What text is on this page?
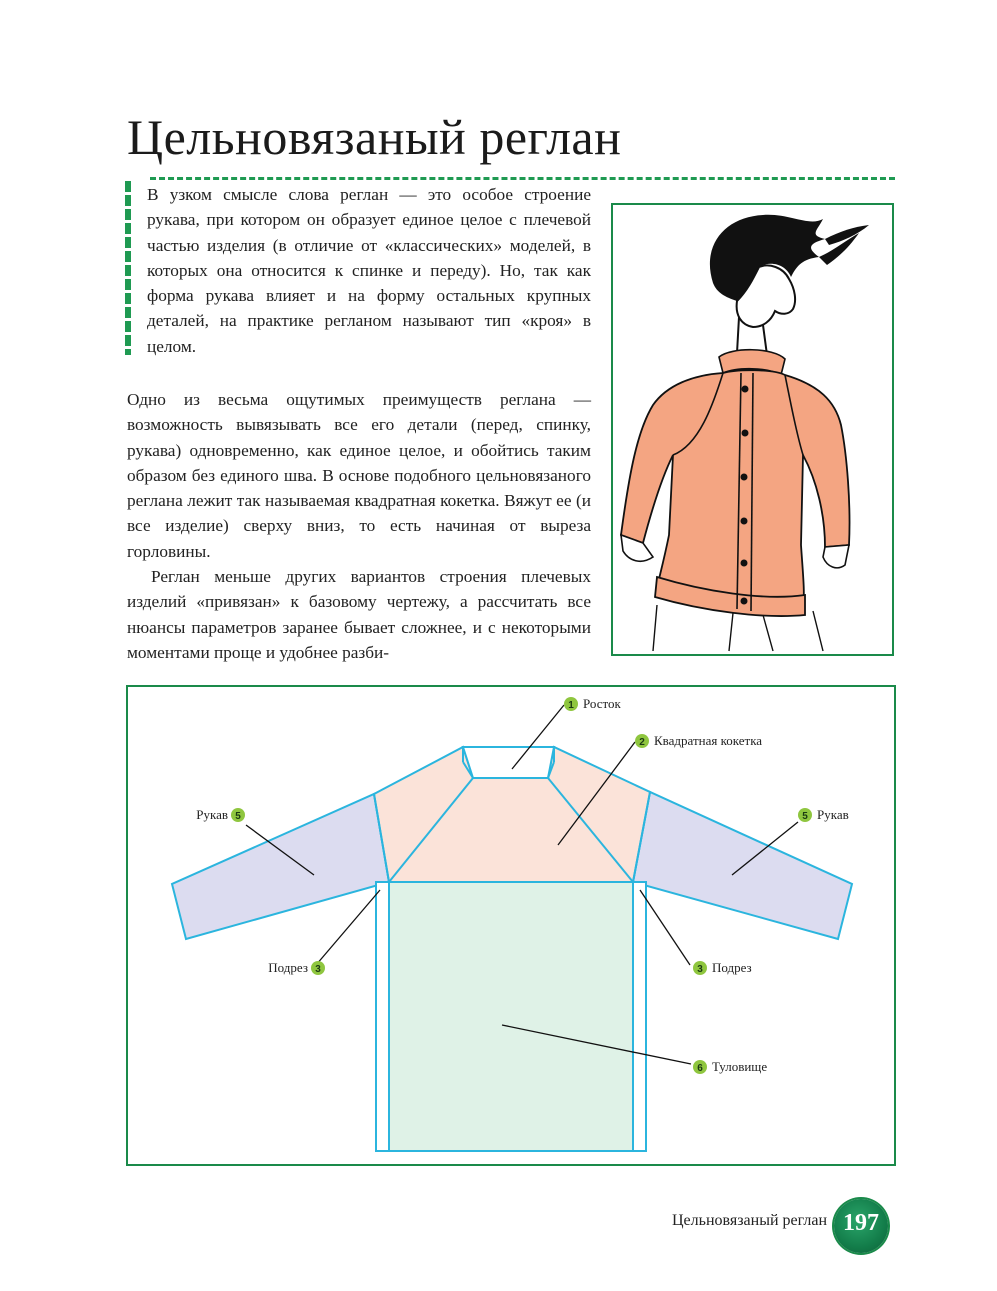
Цельновязаный реглан
В узком смысле слова реглан — это особое строение рукава, при котором он образует единое целое с плечевой частью изделия (в отличие от «классических» моделей, в которых она относится к спинке и переду). Но, так как форма рукава влияет и на форму остальных крупных деталей, на практике регланом называют тип «кроя» в целом.

Одно из весьма ощутимых преимуществ реглана — возможность вывязывать все его детали (перед, спинку, рукава) одновременно, как единое целое, и обойтись таким образом без единого шва. В основе подобного цельновязаного реглана лежит так называемая квадратная кокетка. Вяжут ее (и все изделие) сверху вниз, то есть начиная от выреза горловины.

Реглан меньше других вариантов строения плечевых изделий «привязан» к базовому чертежу, а рассчитать все нюансы параметров заранее бывает сложнее, и с некоторыми моментами проще и удобнее разби-

1 Росток
2 Квадратная кокетка
Рукав 5	5 Рукав
Подрез 3	3 Подрез
6 Туловище
Цельновязаный реглан 197
